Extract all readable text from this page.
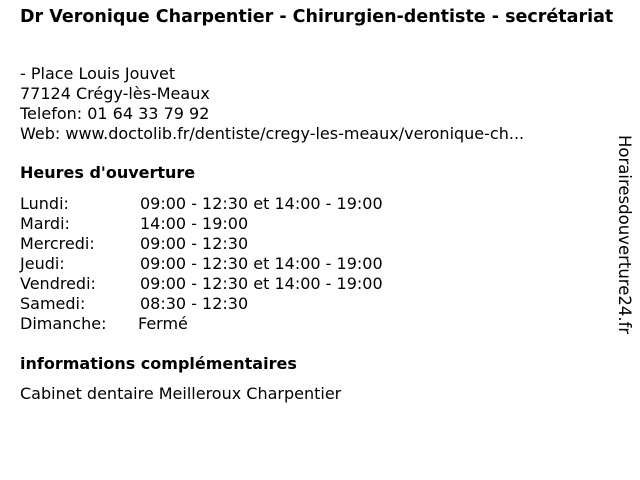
Dr Veronique Charpentier - Chirurgien-dentiste - secrétariat
- Place Louis Jouvet
77124 Crégy-lès-Meaux
Telefon: 01 64 33 79 92
Web: www.doctolib.fr/dentiste/cregy-les-meaux/veronique-ch...
Heures d'ouverture
Lundi:	09:00 - 12:30 et 14:00 - 19:00
Mardi:	14:00 - 19:00
Mercredi:	09:00 - 12:30
Jeudi:	09:00 - 12:30 et 14:00 - 19:00
Vendredi:	09:00 - 12:30 et 14:00 - 19:00
Samedi:	08:30 - 12:30
Dimanche: Fermé
informations complémentaires
Cabinet dentaire Meilleroux Charpentier
Horairesdouverture24.fr
